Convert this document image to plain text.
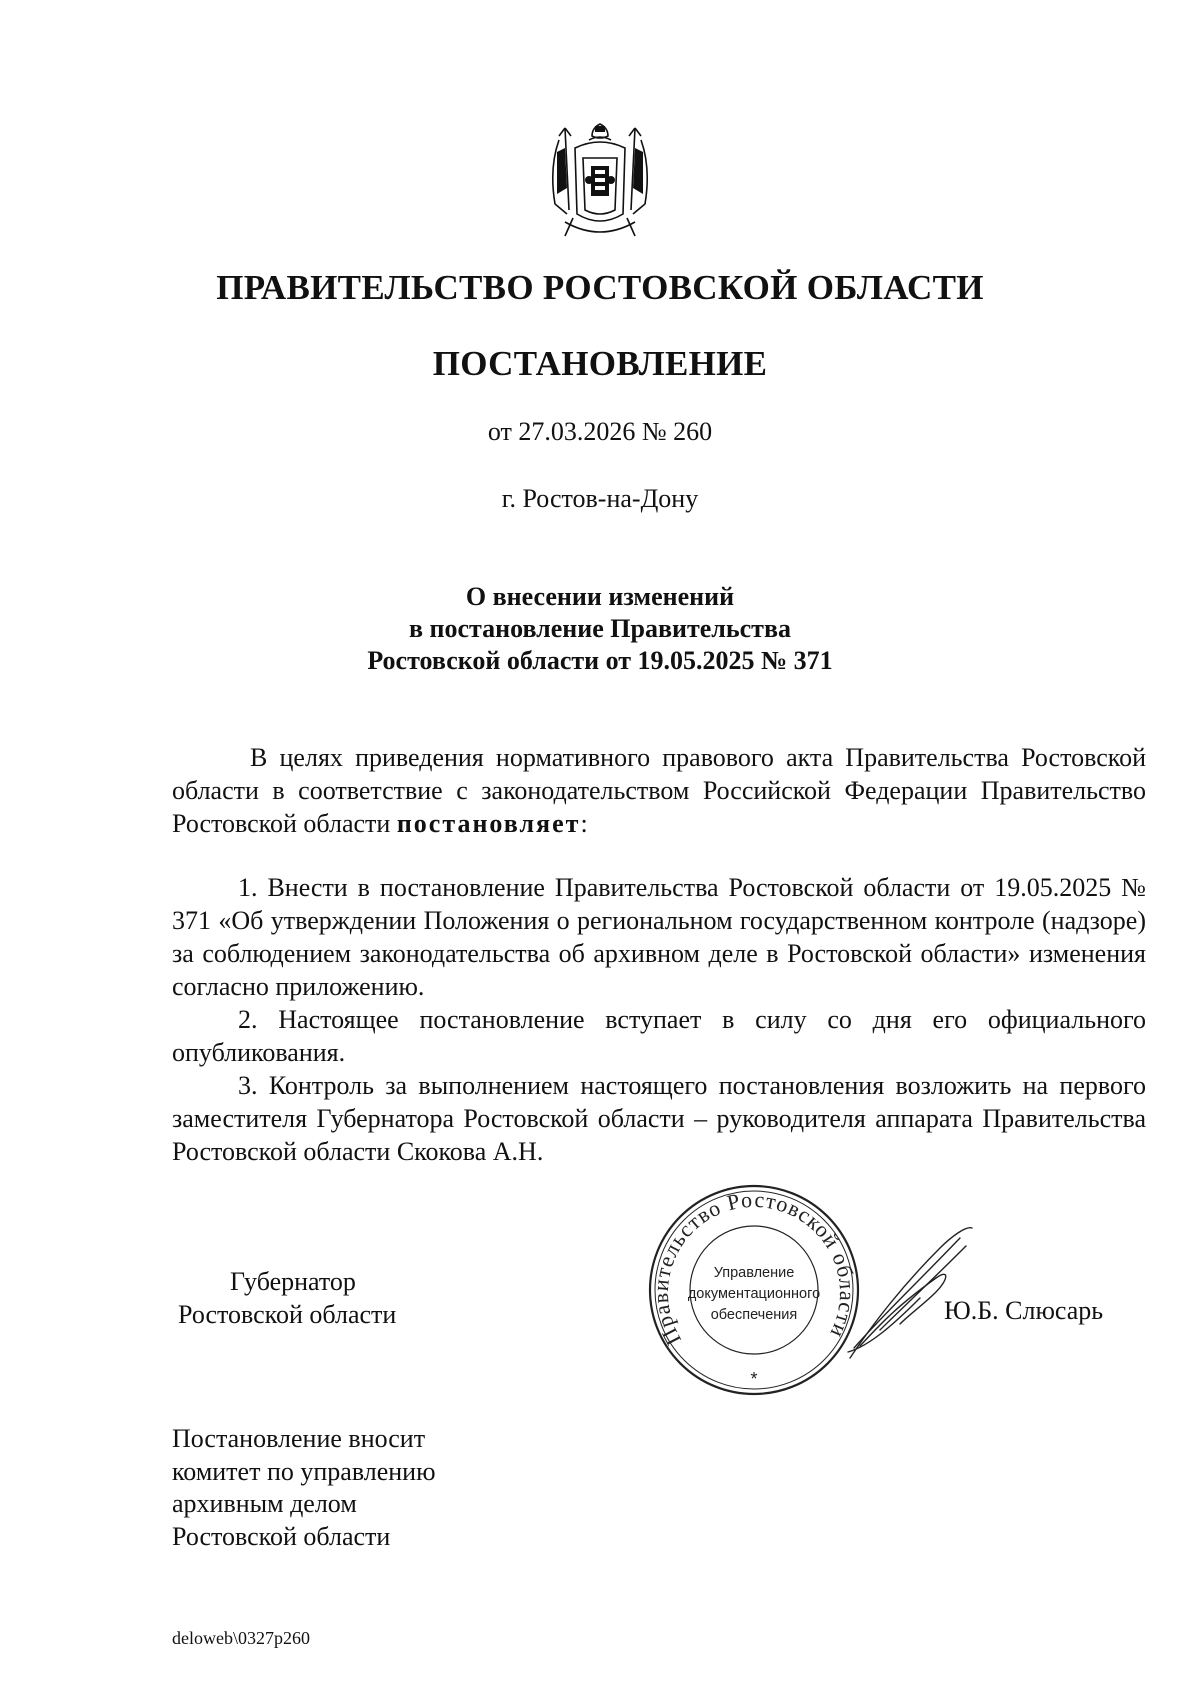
ПРАВИТЕЛЬСТВО РОСТОВСКОЙ ОБЛАСТИ
ПОСТАНОВЛЕНИЕ
от 27.03.2026 № 260
г. Ростов-на-Дону
О внесении изменений
в постановление Правительства
Ростовской области от 19.05.2025 № 371

В целях приведения нормативного правового акта Правительства Ростовской области в соответствие с законодательством Российской Федерации Правительство Ростовской области постановляет:

1. Внести в постановление Правительства Ростовской области от 19.05.2025 № 371 «Об утверждении Положения о региональном государственном контроле (надзоре) за соблюдением законодательства об архивном деле в Ростовской области» изменения согласно приложению.

2. Настоящее постановление вступает в силу со дня его официального опубликования.

3. Контроль за выполнением настоящего постановления возложить на первого заместителя Губернатора Ростовской области – руководителя аппарата Правительства Ростовской области Скокова А.Н.

Губернатор
Ростовской области
Правительство Ростовской области
Управление
документационного
обеспечения
*
Ю.Б. Слюсарь
Постановление вносит
комитет по управлению
архивным делом
Ростовской области
deloweb\0327p260
